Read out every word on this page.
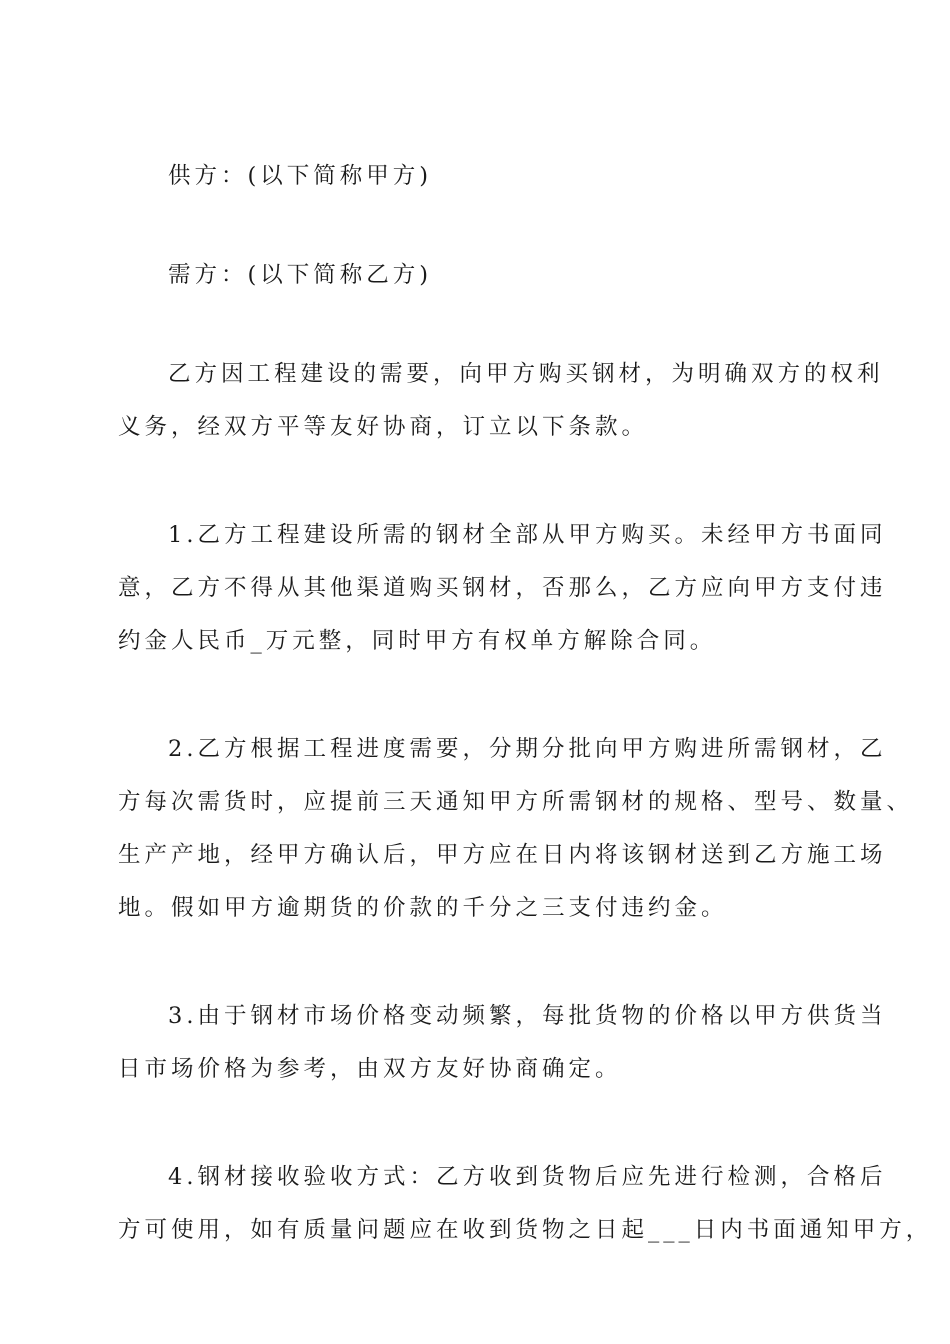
供方：(以下简称甲方)

需方：(以下简称乙方)

乙方因工程建设的需要，向甲方购买钢材，为明确双方的权利
义务，经双方平等友好协商，订立以下条款。

1.乙方工程建设所需的钢材全部从甲方购买。未经甲方书面同
意，乙方不得从其他渠道购买钢材，否那么，乙方应向甲方支付违
约金人民币_万元整，同时甲方有权单方解除合同。

2.乙方根据工程进度需要，分期分批向甲方购进所需钢材，乙
方每次需货时，应提前三天通知甲方所需钢材的规格、型号、数量、
生产产地，经甲方确认后，甲方应在日内将该钢材送到乙方施工场
地。假如甲方逾期货的价款的千分之三支付违约金。

3.由于钢材市场价格变动频繁，每批货物的价格以甲方供货当
日市场价格为参考，由双方友好协商确定。

4.钢材接收验收方式：乙方收到货物后应先进行检测，合格后
方可使用，如有质量问题应在收到货物之日起___日内书面通知甲方，
